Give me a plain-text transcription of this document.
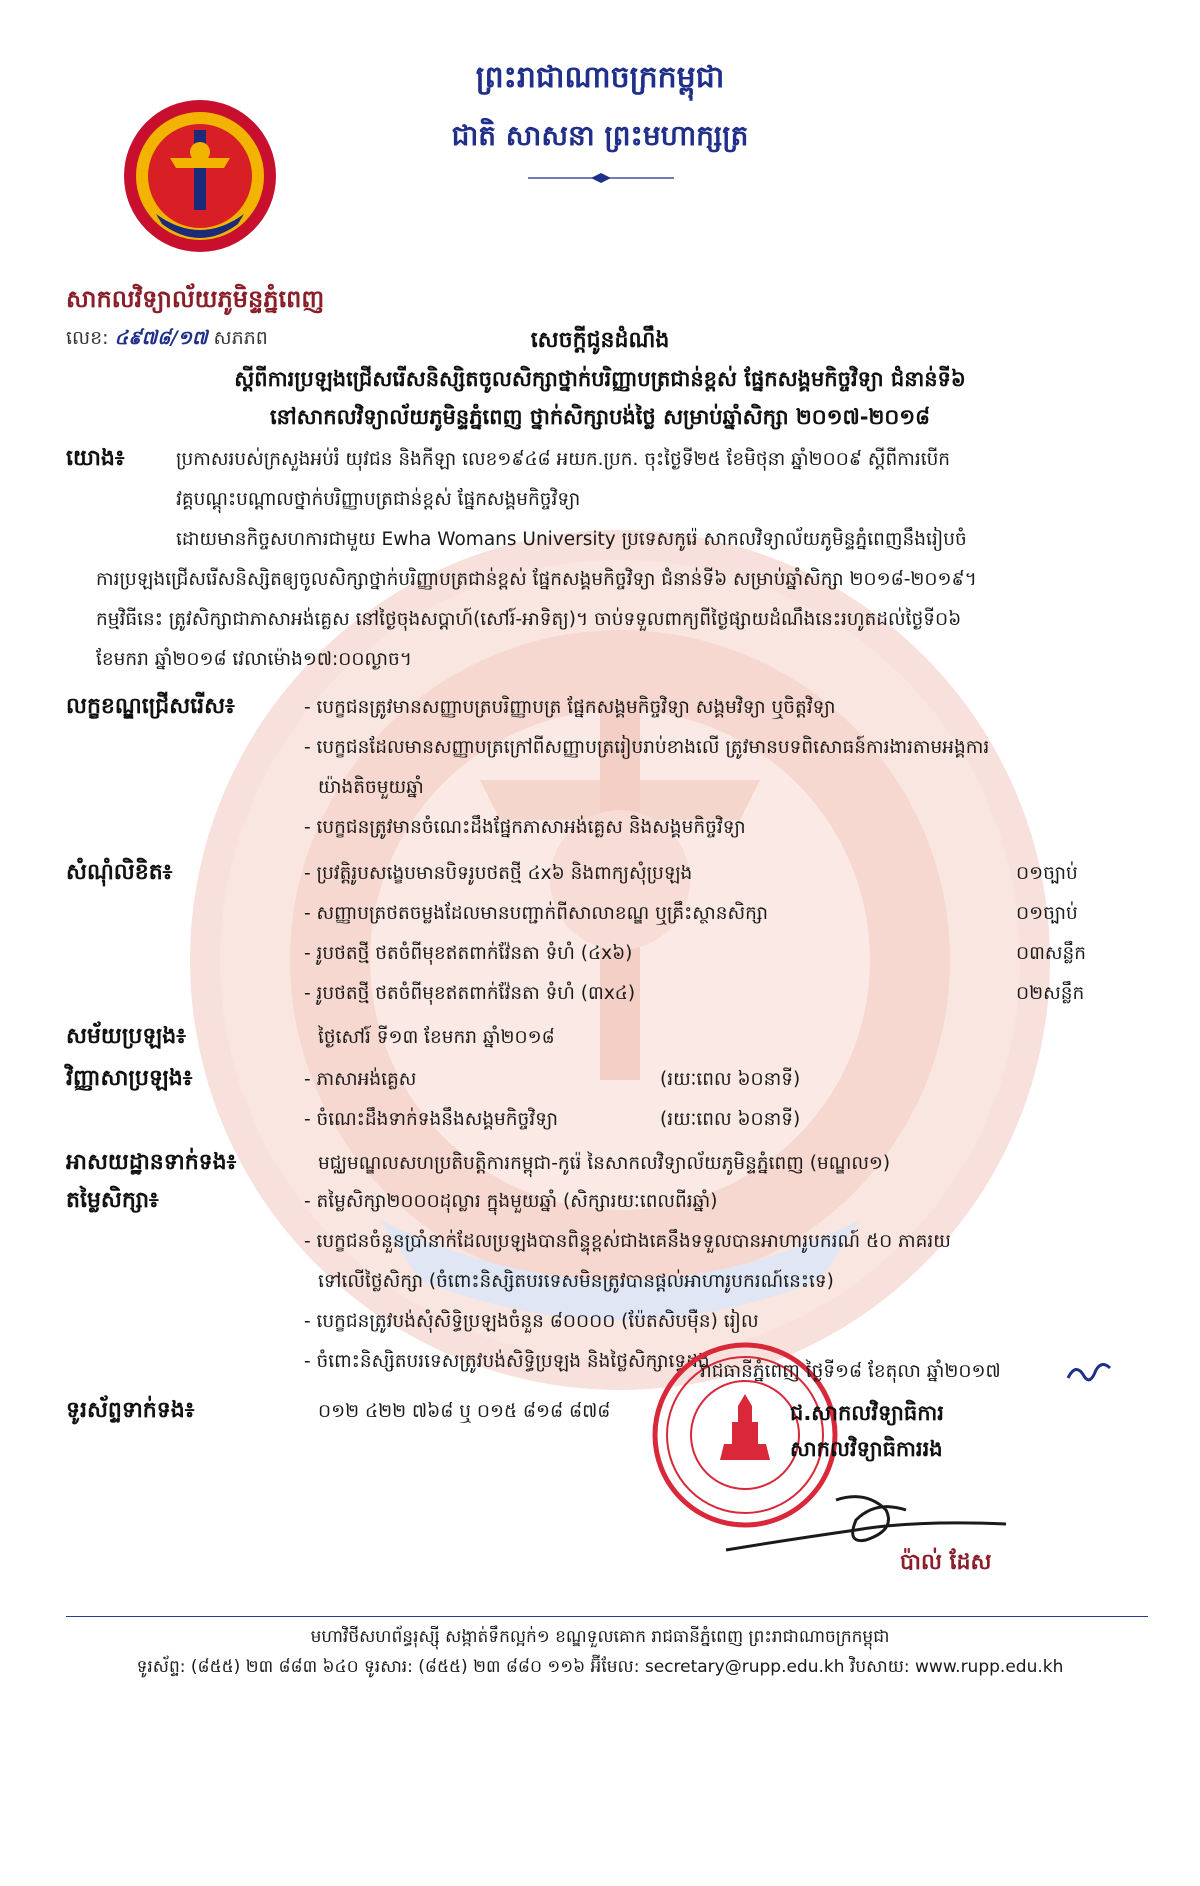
ព្រះរាជាណាចក្រកម្ពុជា
ជាតិ សាសនា ព្រះមហាក្សត្រ
សាកលវិទ្យាល័យភូមិន្ទភ្នំពេញ
លេខ: ៤៩៧៨/១៧ សភភព	សេចក្តីជូនដំណឹង
ស្តីពីការប្រឡងជ្រើសរើសនិស្សិតចូលសិក្សាថ្នាក់បរិញ្ញាបត្រជាន់ខ្ពស់ ផ្នែកសង្គមកិច្ចវិទ្យា ជំនាន់ទី៦
នៅសាកលវិទ្យាល័យភូមិន្ទភ្នំពេញ ថ្នាក់សិក្សាបង់ថ្លៃ សម្រាប់ឆ្នាំសិក្សា ២០១៧-២០១៨
យោង៖	ប្រកាសរបស់ក្រសួងអប់រំ យុវជន និងកីឡា លេខ១៩៤៨ អយក.ប្រក. ចុះថ្ងៃទី២៥ ខែមិថុនា ឆ្នាំ២០០៩ ស្តីពីការបើក
វគ្គបណ្តុះបណ្តាលថ្នាក់បរិញ្ញាបត្រជាន់ខ្ពស់ ផ្នែកសង្គមកិច្ចវិទ្យា
ដោយមានកិច្ចសហការជាមួយ Ewha Womans University ប្រទេសកូរ៉េ សាកលវិទ្យាល័យភូមិន្ទភ្នំពេញនឹងរៀបចំ
ការប្រឡងជ្រើសរើសនិស្សិតឲ្យចូលសិក្សាថ្នាក់បរិញ្ញាបត្រជាន់ខ្ពស់ ផ្នែកសង្គមកិច្ចវិទ្យា ជំនាន់ទី៦ សម្រាប់ឆ្នាំសិក្សា ២០១៨-២០១៩។
កម្មវិធីនេះ ត្រូវសិក្សាជាភាសាអង់គ្លេស នៅថ្ងៃចុងសប្តាហ៍(សៅរ៍-អាទិត្យ)។ ចាប់ទទួលពាក្យពីថ្ងៃផ្សាយដំណឹងនេះរហូតដល់ថ្ងៃទី០៦
ខែមករា ឆ្នាំ២០១៨ វេលាម៉ោង១៧:០០ល្ងាច។
លក្ខខណ្ឌជ្រើសរើស៖	- បេក្ខជនត្រូវមានសញ្ញាបត្របរិញ្ញាបត្រ ផ្នែកសង្គមកិច្ចវិទ្យា សង្គមវិទ្យា ឬចិត្តវិទ្យា
- បេក្ខជនដែលមានសញ្ញាបត្រក្រៅពីសញ្ញាបត្ររៀបរាប់ខាងលើ ត្រូវមានបទពិសោធន៍ការងារតាមអង្គការ
យ៉ាងតិចមួយឆ្នាំ
- បេក្ខជនត្រូវមានចំណេះដឹងផ្នែកភាសាអង់គ្លេស និងសង្គមកិច្ចវិទ្យា
សំណុំលិខិត៖	- ប្រវត្តិរូបសង្ខេបមានបិទរូបថតថ្មី ៤x៦ និងពាក្យសុំប្រឡង	០១ច្បាប់
- សញ្ញាបត្រថតចម្លងដែលមានបញ្ជាក់ពីសាលាខណ្ឌ ឬគ្រឹះស្ថានសិក្សា	០១ច្បាប់
- រូបថតថ្មី ថតចំពីមុខឥតពាក់វ៉ែនតា ទំហំ (៤x៦)	០៣សន្លឹក
- រូបថតថ្មី ថតចំពីមុខឥតពាក់វ៉ែនតា ទំហំ (៣x៤)	០២សន្លឹក
សម័យប្រឡង៖	ថ្ងៃសៅរ៍ ទី១៣ ខែមករា ឆ្នាំ២០១៨
វិញ្ញាសាប្រឡង៖	- ភាសាអង់គ្លេស	(រយៈពេល ៦០នាទី)
- ចំណេះដឹងទាក់ទងនឹងសង្គមកិច្ចវិទ្យា	(រយៈពេល ៦០នាទី)
អាសយដ្ឋានទាក់ទង៖	មជ្ឈមណ្ឌលសហប្រតិបត្តិការកម្ពុជា-កូរ៉េ នៃសាកលវិទ្យាល័យភូមិន្ទភ្នំពេញ (មណ្ឌល១)
តម្លៃសិក្សា៖	- តម្លៃសិក្សា២០០០ដុល្លារ ក្នុងមួយឆ្នាំ (សិក្សារយៈពេលពីរឆ្នាំ)
- បេក្ខជនចំនួនប្រាំនាក់ដែលប្រឡងបានពិន្ទុខ្ពស់ជាងគេនឹងទទួលបានអាហារូបករណ៍ ៥០ ភាគរយ
ទៅលើថ្លៃសិក្សា (ចំពោះនិស្សិតបរទេសមិនត្រូវបានផ្តល់អាហារូបករណ៍នេះទេ)
- បេក្ខជនត្រូវបង់សុំសិទ្ធិប្រឡងចំនួន ៨០០០០ (ប៉ែតសិបម៉ឺន) រៀល
- ចំពោះនិស្សិតបរទេសត្រូវបង់សិទ្ធិប្រឡង និងថ្លៃសិក្សាទ្វេដង
ទូរស័ព្ទទាក់ទង៖	០១២ ៤២២ ៧៦៨ ឬ ០១៥ ៨១៨ ៨៧៨
រាជធានីភ្នំពេញ ថ្ងៃទី១៨ ខែតុលា ឆ្នាំ២០១៧
ជ.សាកលវិទ្យាធិការ
សាកលវិទ្យាធិការរង
ប៉ាល់ ដែស
មហាវិថីសហព័ន្ធរុស្ស៊ី សង្កាត់ទឹកល្អក់១ ខណ្ឌទួលគោក រាជធានីភ្នំពេញ ព្រះរាជាណាចក្រកម្ពុជា
ទូរស័ព្ទ: (៨៥៥) ២៣ ៨៨៣ ៦៤០ ទូរសារ: (៨៥៥) ២៣ ៨៨០ ១១៦ អ៊ីមែល: secretary@rupp.edu.kh វិបសាយ: www.rupp.edu.kh
